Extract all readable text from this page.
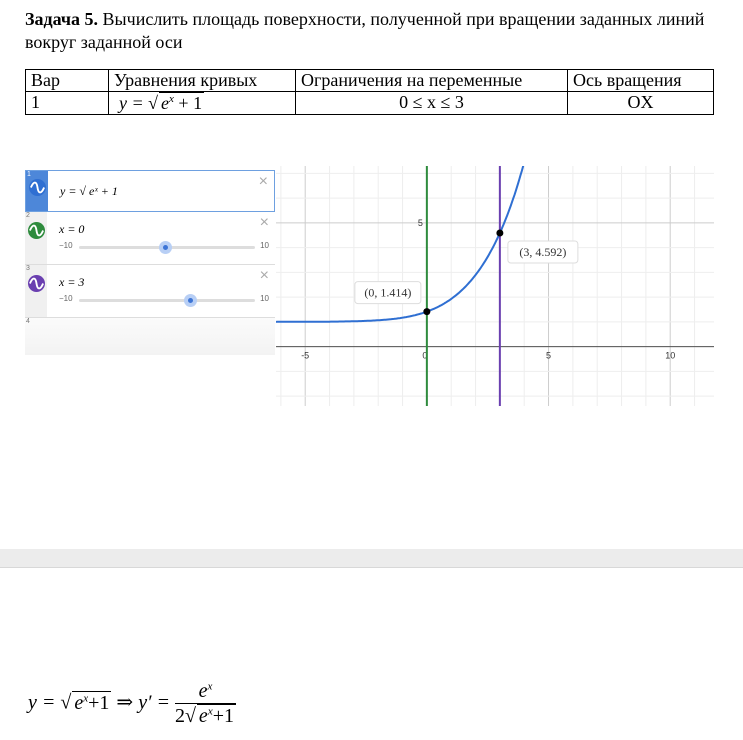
Задача 5. Вычислить площадь поверхности, полученной при вращении заданных линий вокруг заданной оси
Вар	Уравнения кривых	Ограничения на переменные	Ось вращения
1	y = √ $e^x + 1$	0 ≤ x ≤ 3	OX
1
y = √ eˣ + 1
×
2
x = 0	×
−10	10
3
x = 3	×
−10	10
4
-5	0	5	10
5
(0, 1.414)
(3, 4.592)
y = √ $e^x+1$ ⇒ $y' = \frac{e^x}{2√ e^x+1}$
